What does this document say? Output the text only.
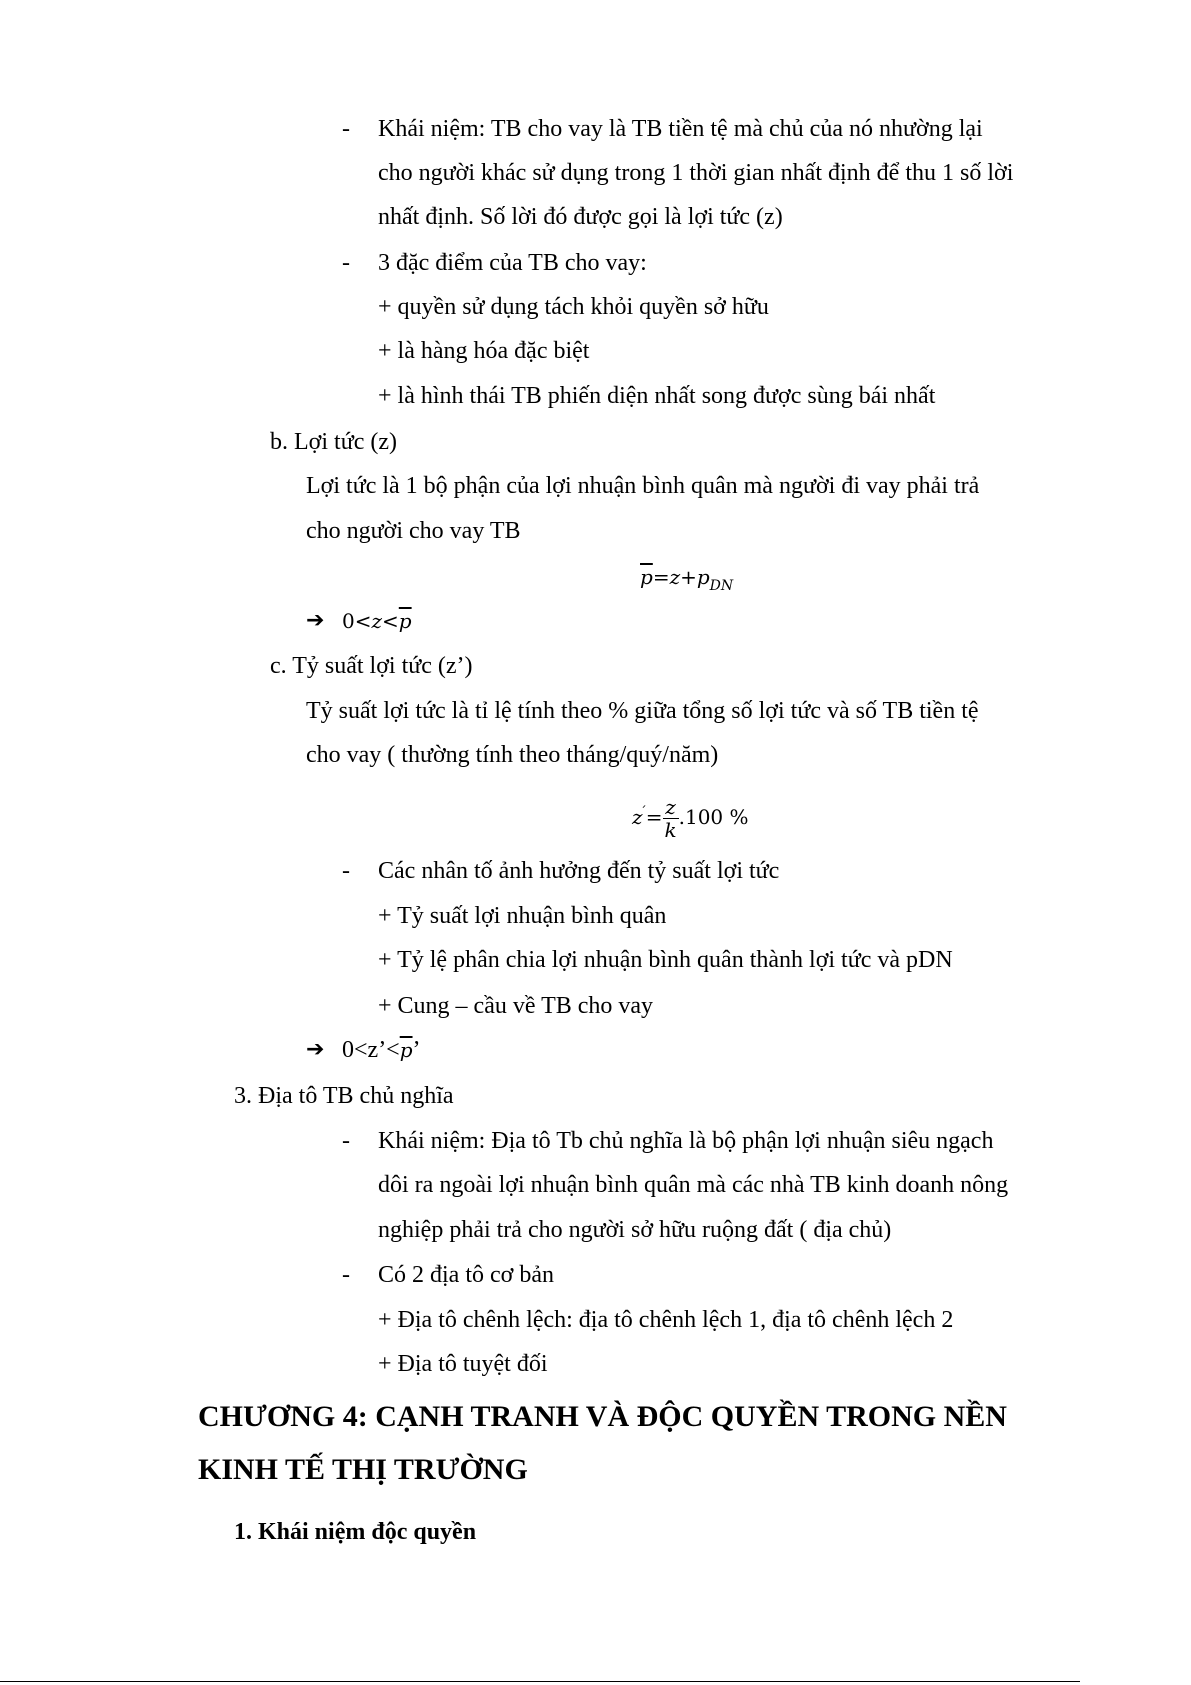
- Khái niệm: TB cho vay là TB tiền tệ mà chủ của nó nhường lại
cho người khác sử dụng trong 1 thời gian nhất định để thu 1 số lời
nhất định. Số lời đó được gọi là lợi tức (z)
- 3 đặc điểm của TB cho vay:
+ quyền sử dụng tách khỏi quyền sở hữu
+ là hàng hóa đặc biệt
+ là hình thái TB phiến diện nhất song được sùng bái nhất
b. Lợi tức (z)
Lợi tức là 1 bộ phận của lợi nhuận bình quân mà người đi vay phải trả
cho người cho vay TB
$\overline{p}=z+p_{DN}$
➔ $0<z<\overline{p}$
c. Tỷ suất lợi tức (z’)
Tỷ suất lợi tức là tỉ lệ tính theo % giữa tổng số lợi tức và số TB tiền tệ
cho vay ( thường tính theo tháng/quý/năm)
$z'= \frac{z}{k} .100$ %
- Các nhân tố ảnh hưởng đến tỷ suất lợi tức
+ Tỷ suất lợi nhuận bình quân
+ Tỷ lệ phân chia lợi nhuận bình quân thành lợi tức và pDN
+ Cung – cầu về TB cho vay
➔ $0<z’<\overline{p}$’
3. Địa tô TB chủ nghĩa
- Khái niệm: Địa tô Tb chủ nghĩa là bộ phận lợi nhuận siêu ngạch
dôi ra ngoài lợi nhuận bình quân mà các nhà TB kinh doanh nông
nghiệp phải trả cho người sở hữu ruộng đất ( địa chủ)
- Có 2 địa tô cơ bản
+ Địa tô chênh lệch: địa tô chênh lệch 1, địa tô chênh lệch 2
+ Địa tô tuyệt đối
CHƯƠNG 4: CẠNH TRANH VÀ ĐỘC QUYỀN TRONG NỀN
KINH TẾ THỊ TRƯỜNG
1. Khái niệm độc quyền
